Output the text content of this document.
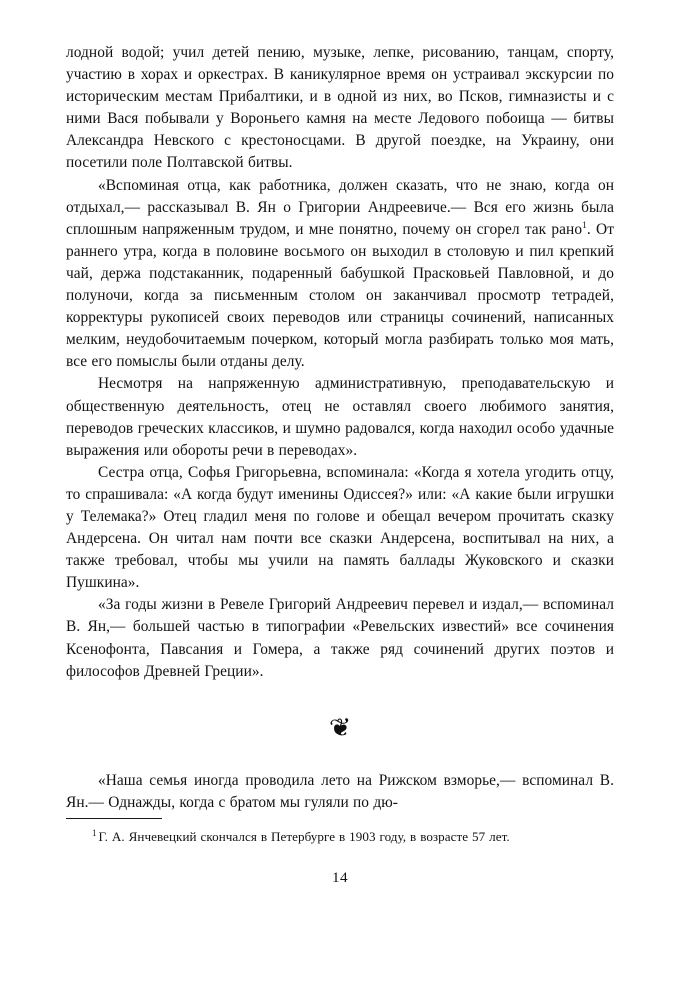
лодной водой; учил детей пению, музыке, лепке, рисованию, танцам, спорту, участию в хорах и оркестрах. В каникулярное время он устраивал экскурсии по историческим местам Прибалтики, и в одной из них, во Псков, гимназисты и с ними Вася побывали у Вороньего камня на месте Ледового побоища — битвы Александра Невского с крестоносцами. В другой поездке, на Украину, они посетили поле Полтавской битвы.

«Вспоминая отца, как работника, должен сказать, что не знаю, когда он отдыхал,— рассказывал В. Ян о Григории Андреевиче.— Вся его жизнь была сплошным напряженным трудом, и мне понятно, почему он сгорел так рано$^1$. От раннего утра, когда в половине восьмого он выходил в столовую и пил крепкий чай, держа подстаканник, подаренный бабушкой Прасковьей Павловной, и до полуночи, когда за письменным столом он заканчивал просмотр тетрадей, корректуры рукописей своих переводов или страницы сочинений, написанных мелким, неудобочитаемым почерком, который могла разбирать только моя мать, все его помыслы были отданы делу.

Несмотря на напряженную административную, преподавательскую и общественную деятельность, отец не оставлял своего любимого занятия, переводов греческих классиков, и шумно радовался, когда находил особо удачные выражения или обороты речи в переводах».

Сестра отца, Софья Григорьевна, вспоминала: «Когда я хотела угодить отцу, то спрашивала: «А когда будут именины Одиссея?» или: «А какие были игрушки у Телемака?» Отец гладил меня по голове и обещал вечером прочитать сказку Андерсена. Он читал нам почти все сказки Андерсена, воспитывал на них, а также требовал, чтобы мы учили на память баллады Жуковского и сказки Пушкина».

«За годы жизни в Ревеле Григорий Андреевич перевел и издал,— вспоминал В. Ян,— большей частью в типографии «Ревельских известий» все сочинения Ксенофонта, Павсания и Гомера, а также ряд сочинений других поэтов и философов Древней Греции».

❦

«Наша семья иногда проводила лето на Рижском взморье,— вспоминал В. Ян.— Однажды, когда с братом мы гуляли по дю-

$^1$ Г. А. Янчевецкий скончался в Петербурге в 1903 году, в возрасте 57 лет.

14
